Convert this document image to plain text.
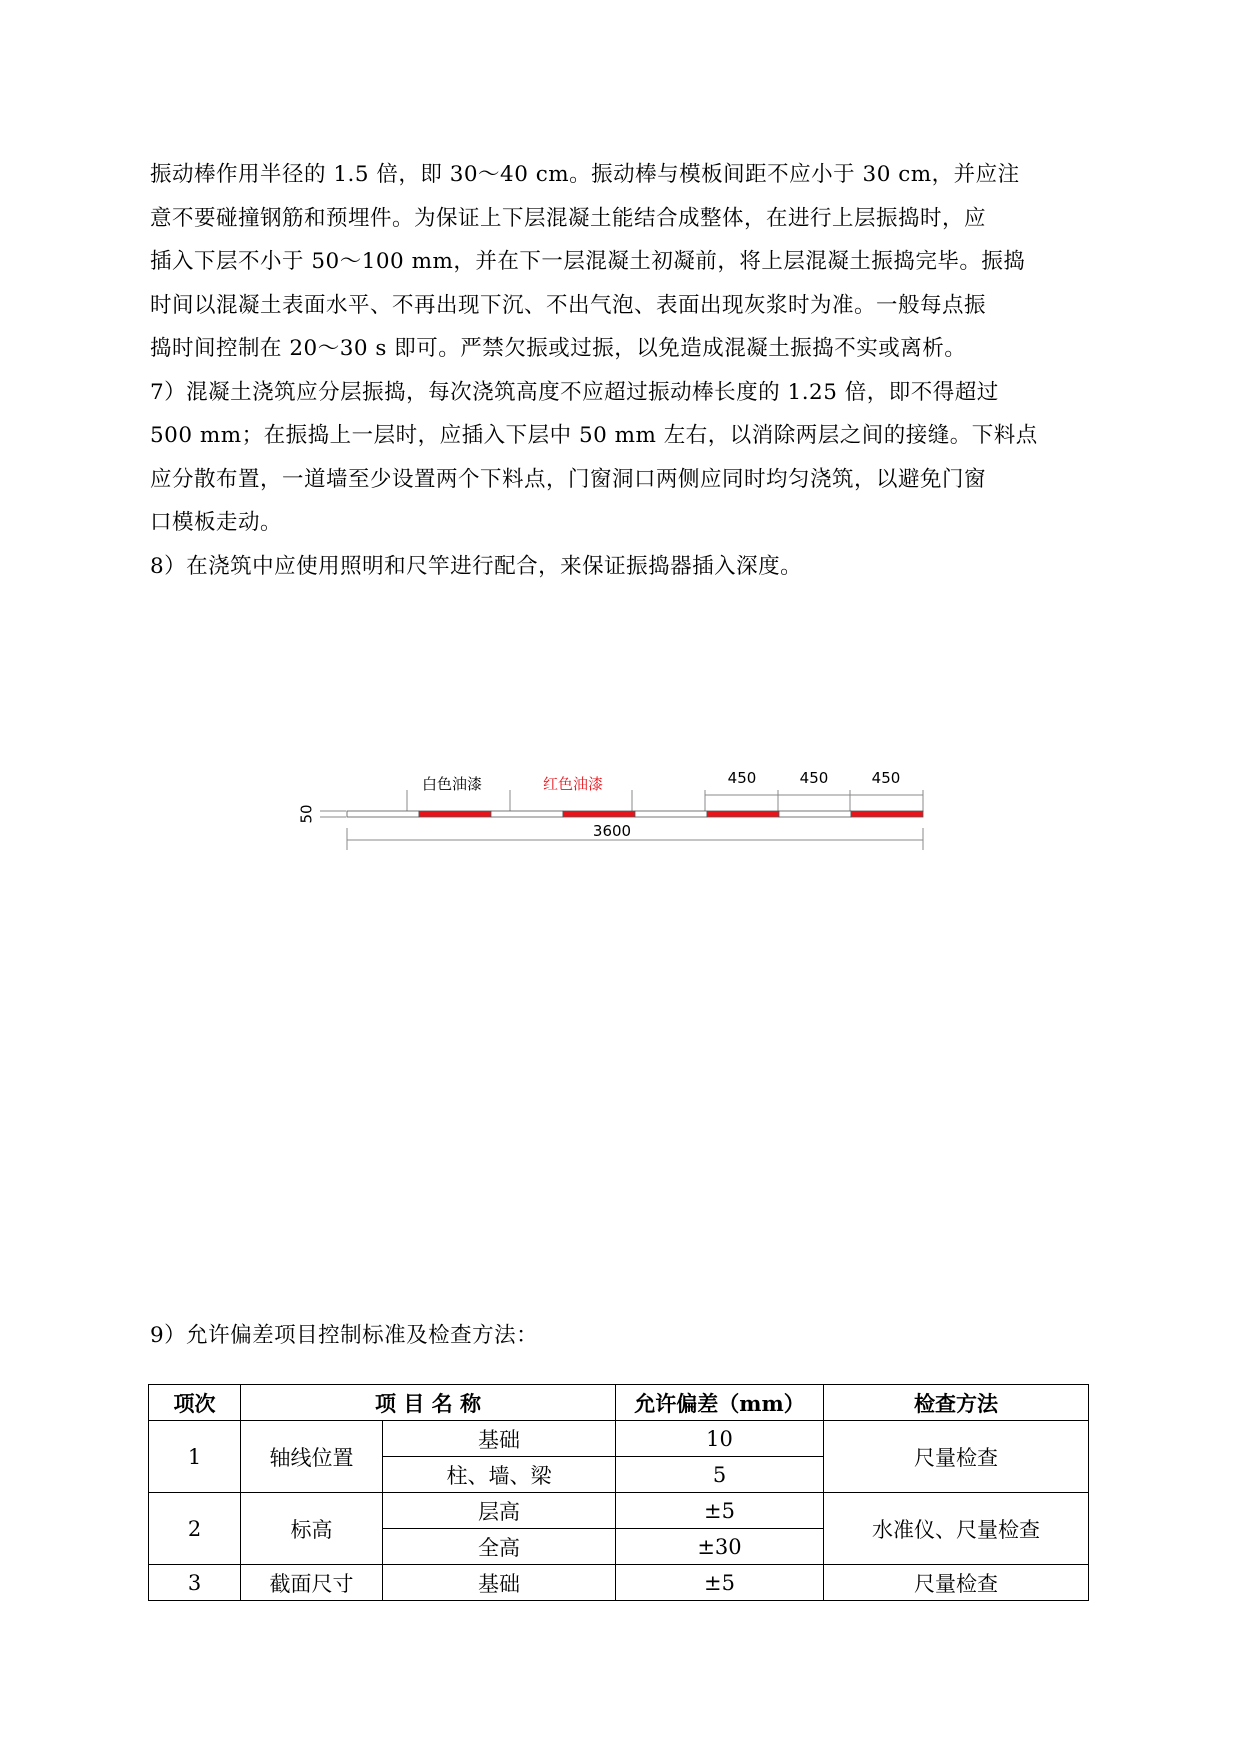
振动棒作用半径的 1.5 倍，即 30～40 cm。振动棒与模板间距不应小于 30 cm，并应注
意不要碰撞钢筋和预埋件。为保证上下层混凝土能结合成整体，在进行上层振捣时，应
插入下层不小于 50～100 mm，并在下一层混凝土初凝前，将上层混凝土振捣完毕。振捣
时间以混凝土表面水平、不再出现下沉、不出气泡、表面出现灰浆时为准。一般每点振
捣时间控制在 20～30 s 即可。严禁欠振或过振，以免造成混凝土振捣不实或离析。
7）混凝土浇筑应分层振捣，每次浇筑高度不应超过振动棒长度的 1.25 倍，即不得超过
500 mm；在振捣上一层时，应插入下层中 50 mm 左右，以消除两层之间的接缝。下料点
应分散布置，一道墙至少设置两个下料点，门窗洞口两侧应同时均匀浇筑，以避免门窗
口模板走动。
8）在浇筑中应使用照明和尺竿进行配合，来保证振捣器插入深度。
白色油漆	红色油漆	450	450	450
50
3600
9）允许偏差项目控制标准及检查方法：
项次	项 目 名 称		允许偏差（mm）	检查方法
1	轴线位置	基础	10	尺量检查
		柱、墙、梁	5	
2	标高	层高	±5	水准仪、尺量检查
		全高	±30	
3	截面尺寸	基础	±5	尺量检查
